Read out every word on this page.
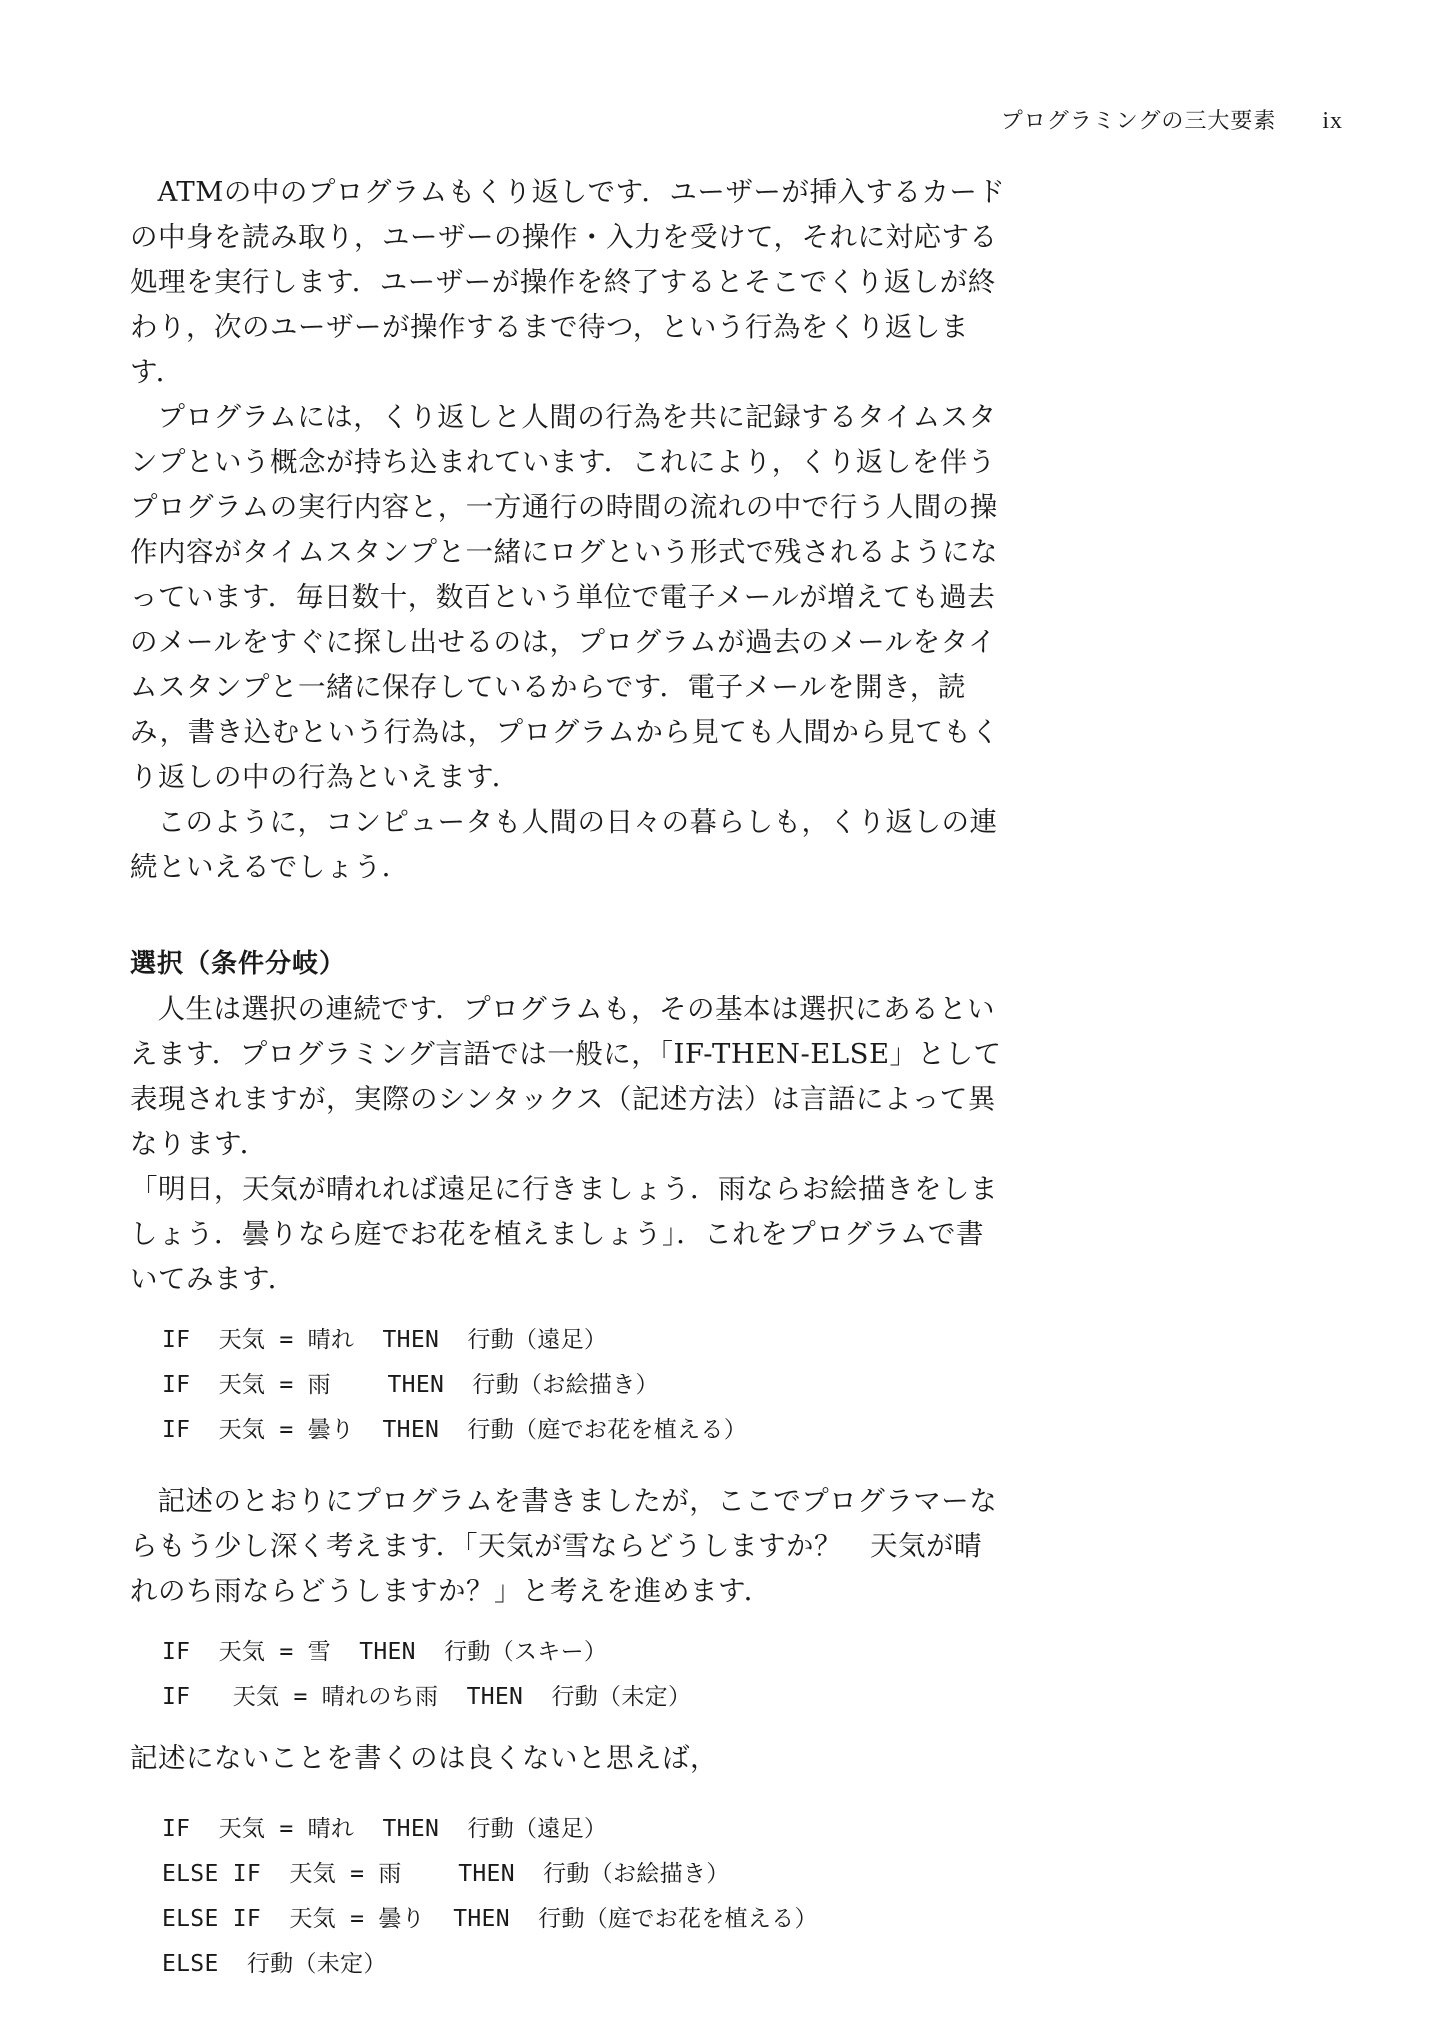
プログラミングの三大要素 ix

ATMの中のプログラムもくり返しです．ユーザーが挿入するカードの中身を読み取り，ユーザーの操作・入力を受けて，それに対応する処理を実行します．ユーザーが操作を終了するとそこでくり返しが終わり，次のユーザーが操作するまで待つ，という行為をくり返します．

プログラムには，くり返しと人間の行為を共に記録するタイムスタンプという概念が持ち込まれています．これにより，くり返しを伴うプログラムの実行内容と，一方通行の時間の流れの中で行う人間の操作内容がタイムスタンプと一緒にログという形式で残されるようになっています．毎日数十，数百という単位で電子メールが増えても過去のメールをすぐに探し出せるのは，プログラムが過去のメールをタイムスタンプと一緒に保存しているからです．電子メールを開き，読み，書き込むという行為は，プログラムから見ても人間から見てもくり返しの中の行為といえます．

このように，コンピュータも人間の日々の暮らしも，くり返しの連続といえるでしょう．

選択（条件分岐）

人生は選択の連続です．プログラムも，その基本は選択にあるといえます．プログラミング言語では一般に，「IF-THEN-ELSE」として表現されますが，実際のシンタックス（記述方法）は言語によって異なります．

「明日，天気が晴れれば遠足に行きましょう．雨ならお絵描きをしましょう．曇りなら庭でお花を植えましょう」．これをプログラムで書いてみます．

IF  天気 = 晴れ  THEN  行動（遠足）
IF  天気 = 雨    THEN  行動（お絵描き）
IF  天気 = 曇り  THEN  行動（庭でお花を植える）

記述のとおりにプログラムを書きましたが，ここでプログラマーならもう少し深く考えます．「天気が雪ならどうしますか？　天気が晴れのち雨ならどうしますか？」と考えを進めます．

IF  天気 = 雪  THEN  行動（スキー）
IF   天気 = 晴れのち雨  THEN  行動（未定）

記述にないことを書くのは良くないと思えば，

IF  天気 = 晴れ  THEN  行動（遠足）
ELSE IF  天気 = 雨    THEN  行動（お絵描き）
ELSE IF  天気 = 曇り  THEN  行動（庭でお花を植える）
ELSE  行動（未定）
